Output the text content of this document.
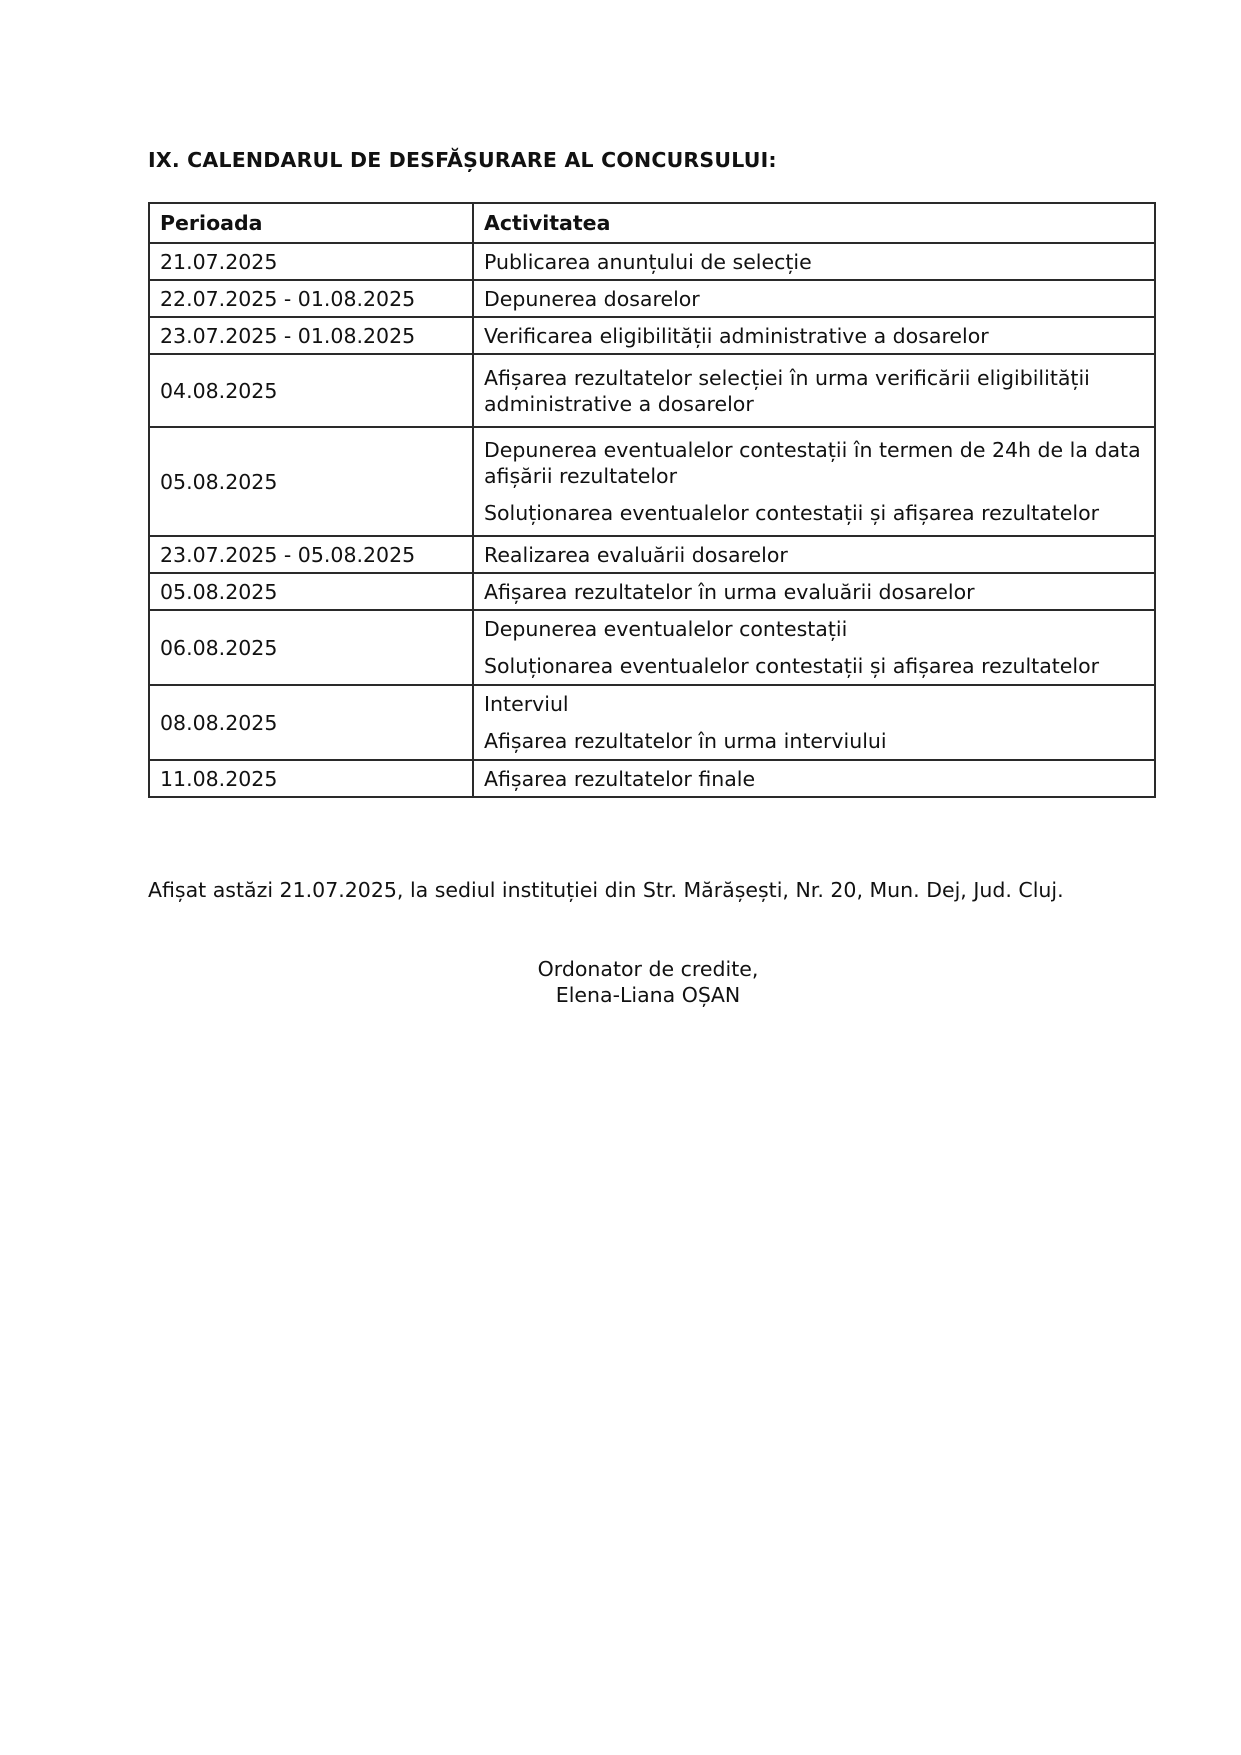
IX. CALENDARUL DE DESFĂȘURARE AL CONCURSULUI:
Perioada	Activitatea
21.07.2025	Publicarea anunțului de selecție

22.07.2025 - 01.08.2025	Depunerea dosarelor

23.07.2025 - 01.08.2025	Verificarea eligibilității administrative a dosarelor

04.08.2025	Afișarea rezultatelor selecției în urma verificării eligibilității administrative a dosarelor

05.08.2025	Depunerea eventualelor contestații în termen de 24h de la data afișării rezultatelor
Soluționarea eventualelor contestații și afișarea rezultatelor

23.07.2025 - 05.08.2025	Realizarea evaluării dosarelor

05.08.2025	Afișarea rezultatelor în urma evaluării dosarelor

06.08.2025	Depunerea eventualelor contestații
Soluționarea eventualelor contestații și afișarea rezultatelor

08.08.2025	Interviul
Afișarea rezultatelor în urma interviului

11.08.2025	Afișarea rezultatelor finale
Afișat astăzi 21.07.2025, la sediul instituției din Str. Mărășești, Nr. 20, Mun. Dej, Jud. Cluj.
Ordonator de credite,
Elena-Liana OȘAN
